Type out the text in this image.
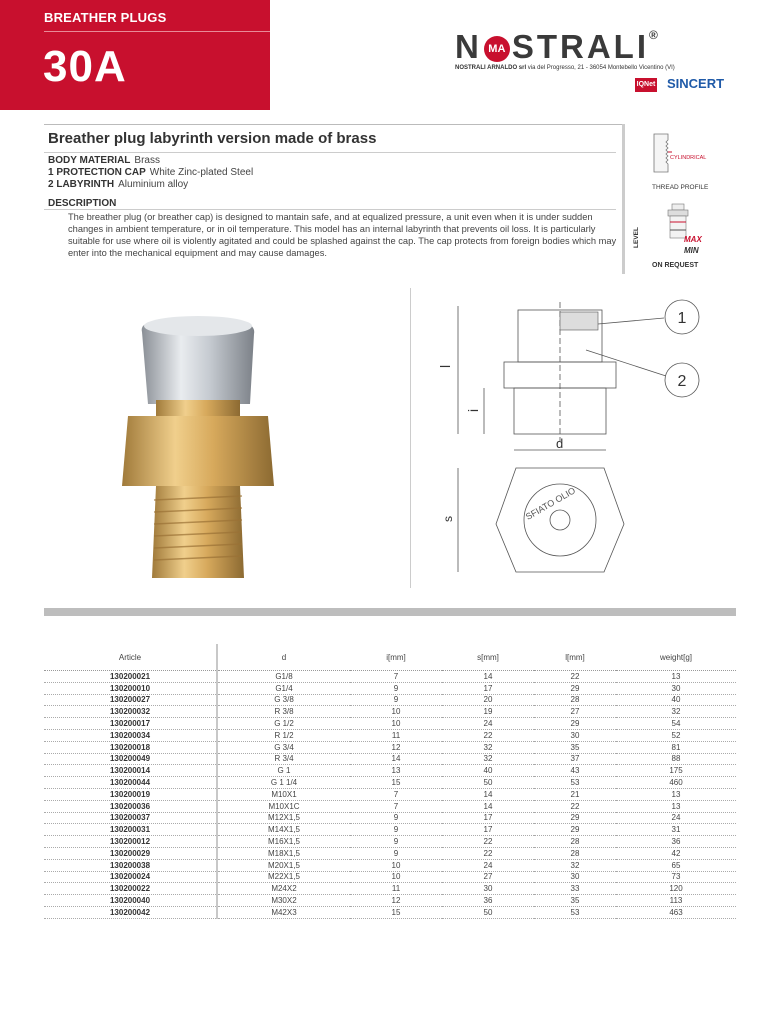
BREATHER PLUGS
30A	N MA STRALI®
NOSTRALI ARNALDO srl via del Progresso, 21 - 36054 Montebello Vicentino (VI)
IQNet SINCERT
Breather plug labyrinth version made of brass
BODY MATERIAL Brass
1 PROTECTION CAP White Zinc-plated Steel
2 LABYRINTH Aluminium alloy
DESCRIPTION
The breather plug (or breather cap) is designed to mantain safe, and at equalized pressure, a unit even when it is under sudden changes in ambient temperature, or in oil temperature. This model has an internal labyrinth that prevents oil loss. It is particularly suitable for use where oil is violently agitated and could be splashed against the cap. The cap protects from foreign bodies which may enter into the mechanical equipment and may cause damages.
CYLINDRICAL
THREAD PROFILE
LEVEL	MAX
MIN
ON REQUEST
1
2
l
i
d
s	SFIATO OLIO
Article	d	i[mm]	s[mm]	l[mm]	weight[g]
130200021	G1/8	7	14	22	13
130200010	G1/4	9	17	29	30
130200027	G 3/8	9	20	28	40
130200032	R 3/8	10	19	27	32
130200017	G 1/2	10	24	29	54
130200034	R 1/2	11	22	30	52
130200018	G 3/4	12	32	35	81
130200049	R 3/4	14	32	37	88
130200014	G 1	13	40	43	175
130200044	G 1 1/4	15	50	53	460
130200019	M10X1	7	14	21	13
130200036	M10X1C	7	14	22	13
130200037	M12X1,5	9	17	29	24
130200031	M14X1,5	9	17	29	31
130200012	M16X1,5	9	22	28	36
130200029	M18X1,5	9	22	28	42
130200038	M20X1,5	10	24	32	65
130200024	M22X1,5	10	27	30	73
130200022	M24X2	11	30	33	120
130200040	M30X2	12	36	35	113
130200042	M42X3	15	50	53	463
